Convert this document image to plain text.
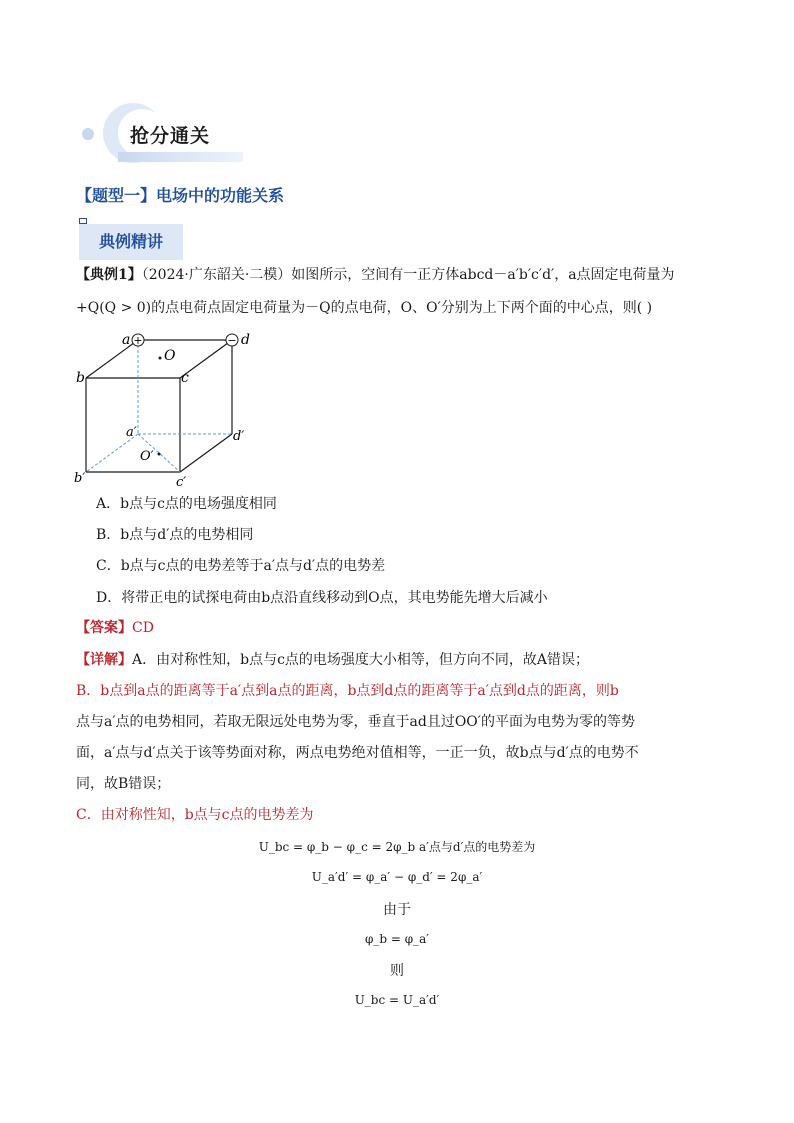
抢分通关
【题型一】电场中的功能关系
典例精讲
【典例1】（2024·广东韶关·二模）如图所示，空间有一正方体abcd－a′b′c′d′，a点固定电荷量为
+Q(Q > 0)的点电荷点固定电荷量为－Q的点电荷，O、O′分别为上下两个面的中心点，则( )
+	−
a
b	c
d
O
a′	d′
O′
b′	c′
A．b点与c点的电场强度相同
B．b点与d′点的电势相同
C．b点与c点的电势差等于a′点与d′点的电势差
D．将带正电的试探电荷由b点沿直线移动到O点，其电势能先增大后减小
【答案】CD
【详解】A．由对称性知，b点与c点的电场强度大小相等，但方向不同，故A错误；
B．b点到a点的距离等于a′点到a点的距离，b点到d点的距离等于a′点到d点的距离，则b
点与a′点的电势相同，若取无限远处电势为零，垂直于ad且过OO′的平面为电势为零的等势
面，a′点与d′点关于该等势面对称，两点电势绝对值相等，一正一负，故b点与d′点的电势不
同，故B错误；
C．由对称性知，b点与c点的电势差为
U_bc = φ_b − φ_c = 2φ_b a′点与d′点的电势差为
U_a′d′ = φ_a′ − φ_d′ = 2φ_a′
由于
φ_b = φ_a′
则
U_bc = U_a′d′
